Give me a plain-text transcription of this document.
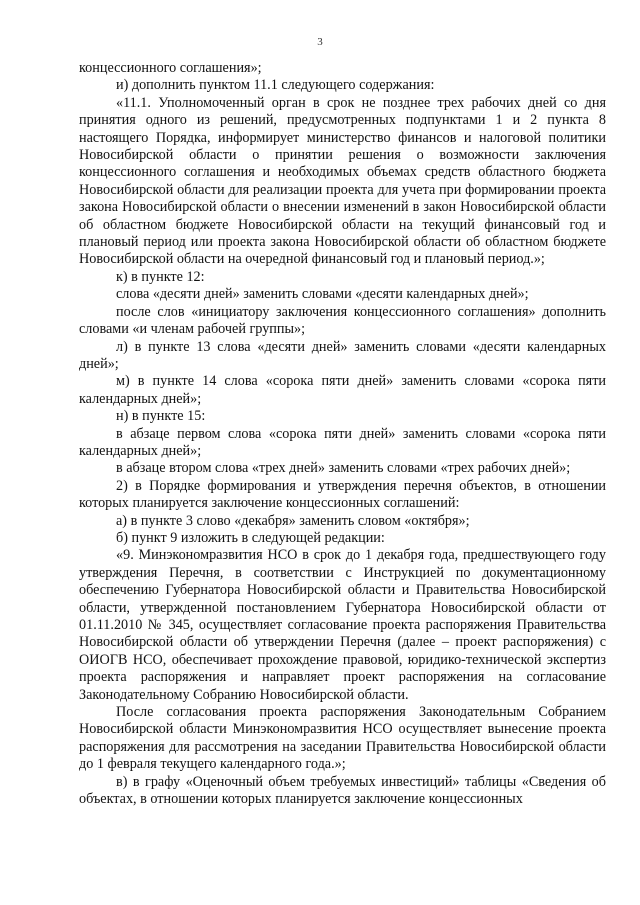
3

концессионного соглашения»;

и) дополнить пунктом 11.1 следующего содержания:

«11.1. Уполномоченный орган в срок не позднее трех рабочих дней со дня принятия одного из решений, предусмотренных подпунктами 1 и 2 пункта 8 настоящего Порядка, информирует министерство финансов и налоговой политики Новосибирской области о принятии решения о возможности заключения концессионного соглашения и необходимых объемах средств областного бюджета Новосибирской области для реализации проекта для учета при формировании проекта закона Новосибирской области о внесении изменений в закон Новосибирской области об областном бюджете Новосибирской области на текущий финансовый год и плановый период или проекта закона Новосибирской области об областном бюджете Новосибирской области на очередной финансовый год и плановый период.»;

к) в пункте 12:

слова «десяти дней» заменить словами «десяти календарных дней»;

после слов «инициатору заключения концессионного соглашения» дополнить словами «и членам рабочей группы»;

л) в пункте 13 слова «десяти дней» заменить словами «десяти календарных дней»;

м) в пункте 14 слова «сорока пяти дней» заменить словами «сорока пяти календарных дней»;

н) в пункте 15:

в абзаце первом слова «сорока пяти дней» заменить словами «сорока пяти календарных дней»;

в абзаце втором слова «трех дней» заменить словами «трех рабочих дней»;

2) в Порядке формирования и утверждения перечня объектов, в отношении которых планируется заключение концессионных соглашений:

а) в пункте 3 слово «декабря» заменить словом «октября»;

б) пункт 9 изложить в следующей редакции:

«9. Минэкономразвития НСО в срок до 1 декабря года, предшествующего году утверждения Перечня, в соответствии с Инструкцией по документационному обеспечению Губернатора Новосибирской области и Правительства Новосибирской области, утвержденной постановлением Губернатора Новосибирской области от 01.11.2010 № 345, осуществляет согласование проекта распоряжения Правительства Новосибирской области об утверждении Перечня (далее – проект распоряжения) с ОИОГВ НСО, обеспечивает прохождение правовой, юридико-технической экспертиз проекта распоряжения и направляет проект распоряжения на согласование Законодательному Собранию Новосибирской области.

После согласования проекта распоряжения Законодательным Собранием Новосибирской области Минэкономразвития НСО осуществляет вынесение проекта распоряжения для рассмотрения на заседании Правительства Новосибирской области до 1 февраля текущего календарного года.»;

в) в графу «Оценочный объем требуемых инвестиций» таблицы «Сведения об объектах, в отношении которых планируется заключение концессионных
